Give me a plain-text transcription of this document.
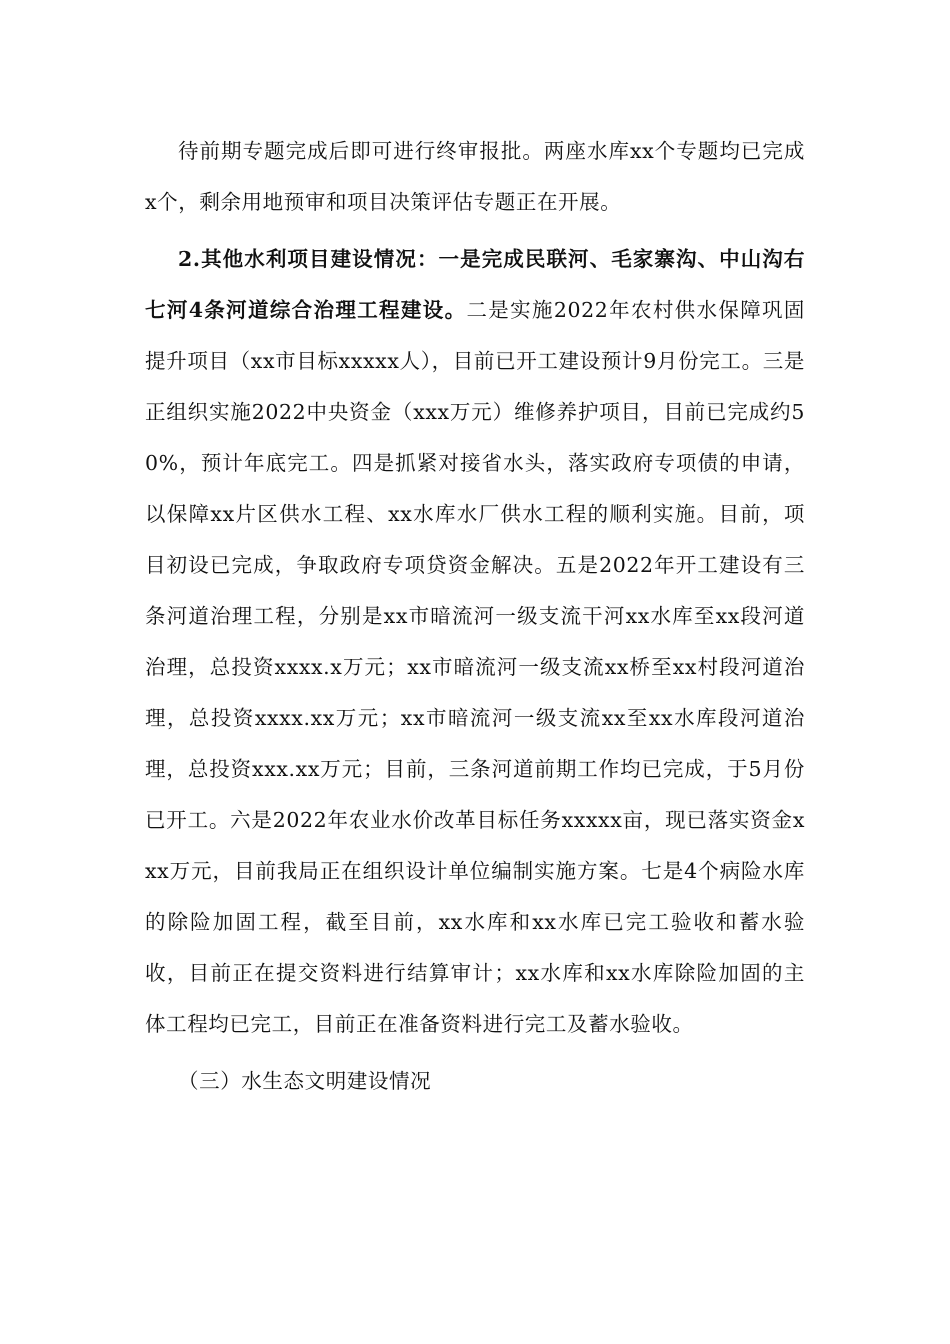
待前期专题完成后即可进行终审报批。两座水库xx个专题均已完成x个，剩余用地预审和项目决策评估专题正在开展。

2.其他水利项目建设情况：一是完成民联河、毛家寨沟、中山沟右七河4条河道综合治理工程建设。二是实施2022年农村供水保障巩固提升项目（xx市目标xxxxx人），目前已开工建设预计9月份完工。三是正组织实施2022中央资金（xxx万元）维修养护项目，目前已完成约50%，预计年底完工。四是抓紧对接省水头，落实政府专项债的申请，以保障xx片区供水工程、xx水库水厂供水工程的顺利实施。目前，项目初设已完成，争取政府专项贷资金解决。五是2022年开工建设有三条河道治理工程，分别是xx市暗流河一级支流干河xx水库至xx段河道治理，总投资xxxx.x万元；xx市暗流河一级支流xx桥至xx村段河道治理，总投资xxxx.xx万元；xx市暗流河一级支流xx至xx水库段河道治理，总投资xxx.xx万元；目前，三条河道前期工作均已完成，于5月份已开工。六是2022年农业水价改革目标任务xxxxx亩，现已落实资金xxx万元，目前我局正在组织设计单位编制实施方案。七是4个病险水库的除险加固工程，截至目前，xx水库和xx水库已完工验收和蓄水验收，目前正在提交资料进行结算审计；xx水库和xx水库除险加固的主体工程均已完工，目前正在准备资料进行完工及蓄水验收。

（三）水生态文明建设情况
